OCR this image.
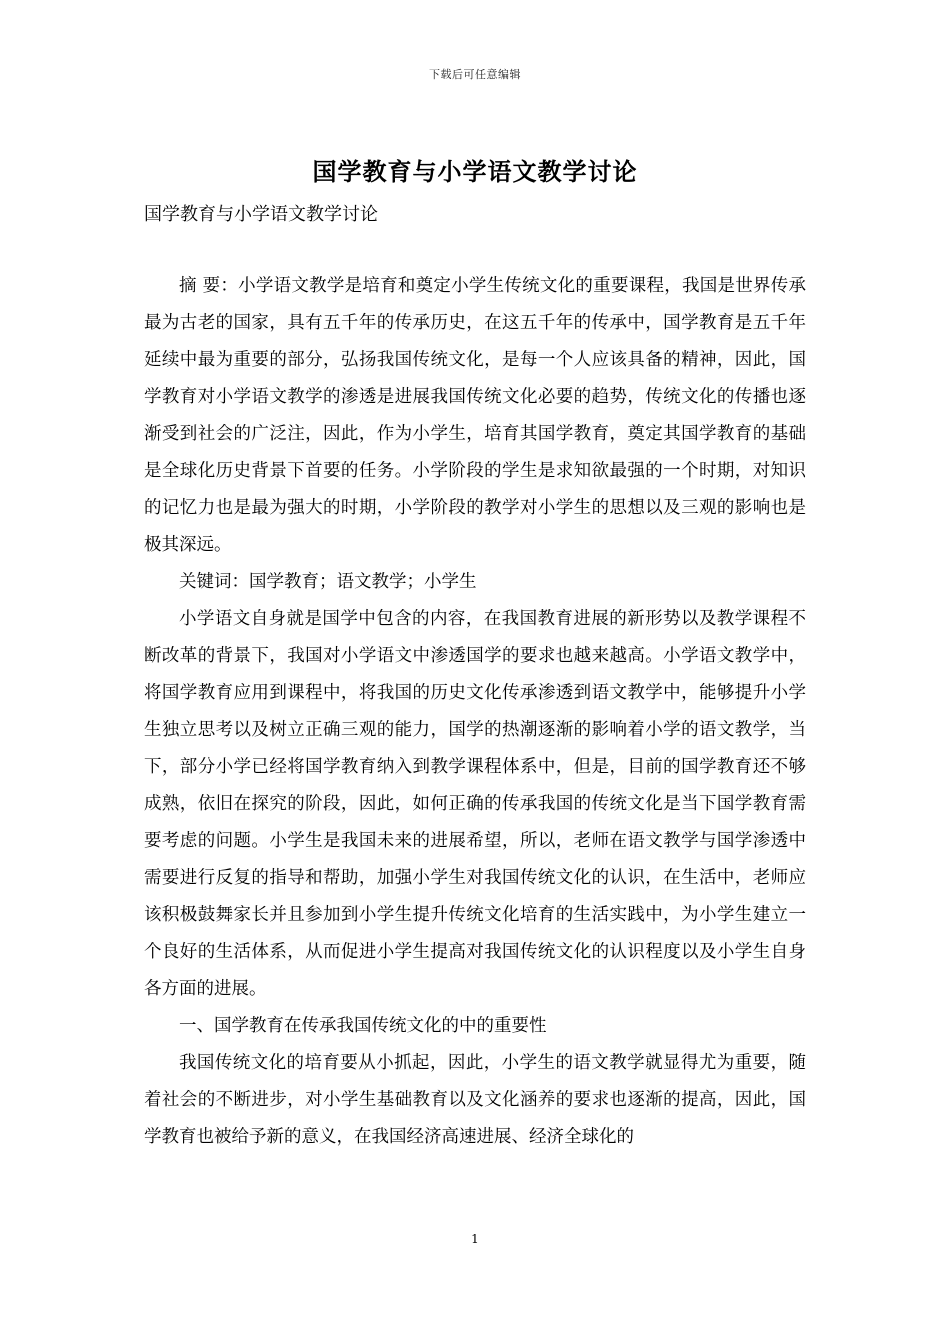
下载后可任意编辑
国学教育与小学语文教学讨论

国学教育与小学语文教学讨论

摘 要：小学语文教学是培育和奠定小学生传统文化的重要课程，我国是世界传承最为古老的国家，具有五千年的传承历史，在这五千年的传承中，国学教育是五千年延续中最为重要的部分，弘扬我国传统文化，是每一个人应该具备的精神，因此，国学教育对小学语文教学的渗透是进展我国传统文化必要的趋势，传统文化的传播也逐渐受到社会的广泛注，因此，作为小学生，培育其国学教育，奠定其国学教育的基础是全球化历史背景下首要的任务。小学阶段的学生是求知欲最强的一个时期，对知识的记忆力也是最为强大的时期，小学阶段的教学对小学生的思想以及三观的影响也是极其深远。

关键词：国学教育；语文教学；小学生

小学语文自身就是国学中包含的内容，在我国教育进展的新形势以及教学课程不断改革的背景下，我国对小学语文中渗透国学的要求也越来越高。小学语文教学中，将国学教育应用到课程中，将我国的历史文化传承渗透到语文教学中，能够提升小学生独立思考以及树立正确三观的能力，国学的热潮逐渐的影响着小学的语文教学，当下，部分小学已经将国学教育纳入到教学课程体系中，但是，目前的国学教育还不够成熟，依旧在探究的阶段，因此，如何正确的传承我国的传统文化是当下国学教育需要考虑的问题。小学生是我国未来的进展希望，所以，老师在语文教学与国学渗透中需要进行反复的指导和帮助，加强小学生对我国传统文化的认识，在生活中，老师应该积极鼓舞家长并且参加到小学生提升传统文化培育的生活实践中，为小学生建立一个良好的生活体系，从而促进小学生提高对我国传统文化的认识程度以及小学生自身各方面的进展。

一、国学教育在传承我国传统文化的中的重要性

我国传统文化的培育要从小抓起，因此，小学生的语文教学就显得尤为重要，随着社会的不断进步，对小学生基础教育以及文化涵养的要求也逐渐的提高，因此，国学教育也被给予新的意义，在我国经济高速进展、经济全球化的

1
